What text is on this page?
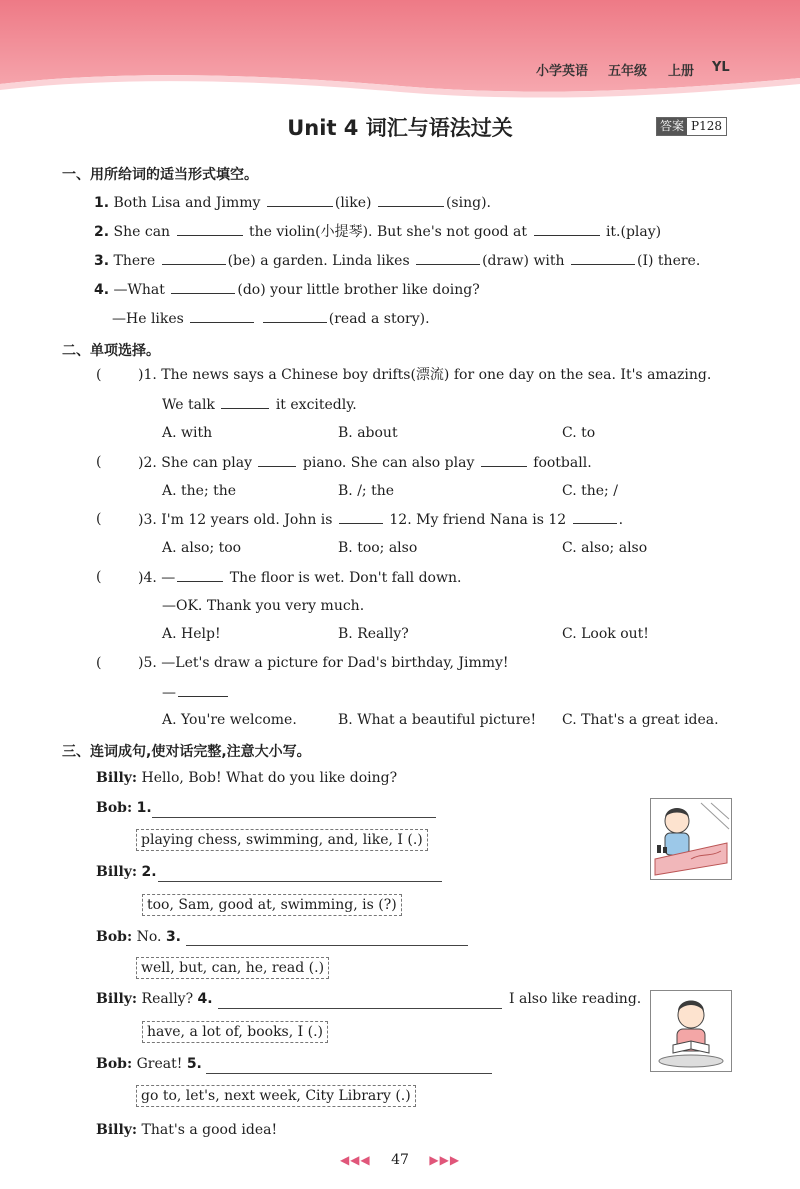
小学英语 五年级 上册 YL
Unit 4 词汇与语法过关	答案 P128
一、用所给词的适当形式填空。
1. Both Lisa and Jimmy	(like)	(sing).
2. She can	the violin(小提琴). But she's not good at	it.(play)
3. There	(be) a garden. Linda likes	(draw) with	(I) there.
4. —What	(do) your little brother like doing?
—He likes	(read a story).
二、单项选择。
(	)1. The news says a Chinese boy drifts(漂流) for one day on the sea. It's amazing.
We talk	it excitedly.
A. with	B. about	C. to
(	)2. She can play	piano. She can also play	football.
A. the; the	B. /; the	C. the; /
(	)3. I'm 12 years old. John is	12. My friend Nana is 12	.
A. also; too	B. too; also	C. also; also
(	)4. —	The floor is wet. Don't fall down.
—OK. Thank you very much.
A. Help!	B. Really?	C. Look out!
(	)5. —Let's draw a picture for Dad's birthday, Jimmy!
—
A. You're welcome.	B. What a beautiful picture! C. That's a great idea.
三、连词成句,使对话完整,注意大小写。
Billy: Hello, Bob! What do you like doing?
Bob: 1.
playing chess, swimming, and, like, I (.)
Billy: 2.
too, Sam, good at, swimming, is (?)
Bob: No. 3.
well, but, can, he, read (.)
Billy: Really? 4.	I also like reading.
have, a lot of, books, I (.)
Bob: Great! 5.
go to, let's, next week, City Library (.)
Billy: That's a good idea!
◀◀◀ 47 ▶▶▶
